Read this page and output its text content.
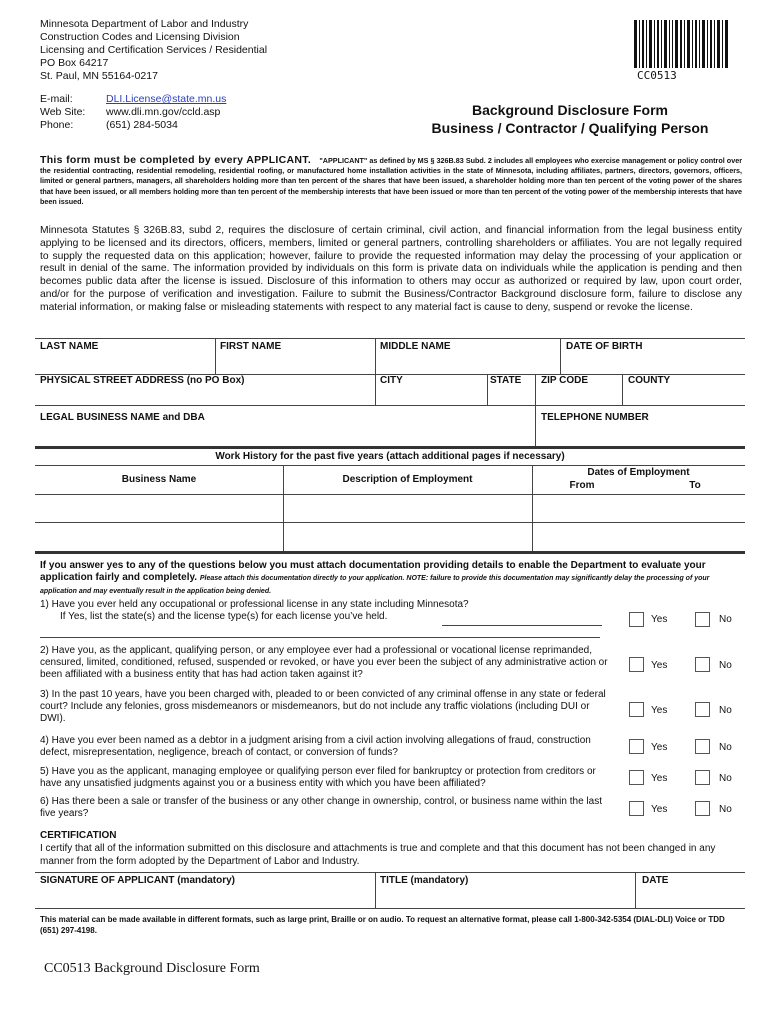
Minnesota Department of Labor and Industry
Construction Codes and Licensing Division
Licensing and Certification Services / Residential
PO Box 64217
St. Paul, MN 55164-0217
E-mail:	DLI.License@state.mn.us
Web Site:	www.dli.mn.gov/ccld.asp
Phone:	(651) 284-5034
CC0513
Background Disclosure Form
Business / Contractor / Qualifying Person
This form must be completed by every APPLICANT. "APPLICANT" as defined by MS § 326B.83 Subd. 2 includes all employees who exercise management or policy control over the residential contracting, residential remodeling, residential roofing, or manufactured home installation activities in the state of Minnesota, including affiliates, partners, directors, governors, officers, limited or general partners, managers, all shareholders holding more than ten percent of the shares that have been issued, a shareholder holding more than ten percent of the voting power of the shares that have been issued, or all members holding more than ten percent of the membership interests that have been issued or more than ten percent of the voting power of the membership interests that have been issued.
Minnesota Statutes § 326B.83, subd 2, requires the disclosure of certain criminal, civil action, and financial information from the legal business entity applying to be licensed and its directors, officers, members, limited or general partners, controlling shareholders or affiliates. You are not legally required to supply the requested data on this application; however, failure to provide the requested information may delay the processing of your application or result in denial of the same. The information provided by individuals on this form is private data on individuals while the application is pending and then becomes public data after the license is issued. Disclosure of this information to others may occur as authorized or required by law, upon court order, and/or for the purpose of verification and investigation. Failure to submit the Business/Contractor Background disclosure form, failure to disclose any material information, or making false or misleading statements with respect to any material fact is cause to deny, suspend or revoke the license.
LAST NAME	FIRST NAME	MIDDLE NAME	DATE OF BIRTH
PHYSICAL STREET ADDRESS (no PO Box)	CITY	STATE ZIP CODE	COUNTY
LEGAL BUSINESS NAME and DBA	TELEPHONE NUMBER
Work History for the past five years (attach additional pages if necessary)
Business Name	Description of Employment
Dates of Employment
From	To
If you answer yes to any of the questions below you must attach documentation providing details to enable the Department to evaluate your application fairly and completely. Please attach this documentation directly to your application. NOTE: failure to provide this documentation may significantly delay the processing of your application and may eventually result in the application being denied.
1) Have you ever held any occupational or professional license in any state including Minnesota?
If Yes, list the state(s) and the license type(s) for each license you’ve held.
2) Have you, as the applicant, qualifying person, or any employee ever had a professional or vocational license reprimanded, censured, limited, conditioned, refused, suspended or revoked, or have you ever been the subject of any administrative action or been affiliated with a business entity that has had action taken against it?
3) In the past 10 years, have you been charged with, pleaded to or been convicted of any criminal offense in any state or federal court? Include any felonies, gross misdemeanors or misdemeanors, but do not include any traffic violations (including DUI or DWI).
4) Have you ever been named as a debtor in a judgment arising from a civil action involving allegations of fraud, construction defect, misrepresentation, negligence, breach of contact, or conversion of funds?
5) Have you as the applicant, managing employee or qualifying person ever filed for bankruptcy or protection from creditors or have any unsatisfied judgments against you or a business entity with which you have been affiliated?
6) Has there been a sale or transfer of the business or any other change in ownership, control, or business name within the last five years?
Yes	No
Yes	No
Yes	No
Yes	No
Yes	No
Yes	No
CERTIFICATION
I certify that all of the information submitted on this disclosure and attachments is true and complete and that this document has not been changed in any manner from the form adopted by the Department of Labor and Industry.
SIGNATURE OF APPLICANT (mandatory)	TITLE (mandatory)	DATE
This material can be made available in different formats, such as large print, Braille or on audio. To request an alternative format, please call 1-800-342-5354 (DIAL-DLI) Voice or TDD (651) 297-4198.
CC0513 Background Disclosure Form
